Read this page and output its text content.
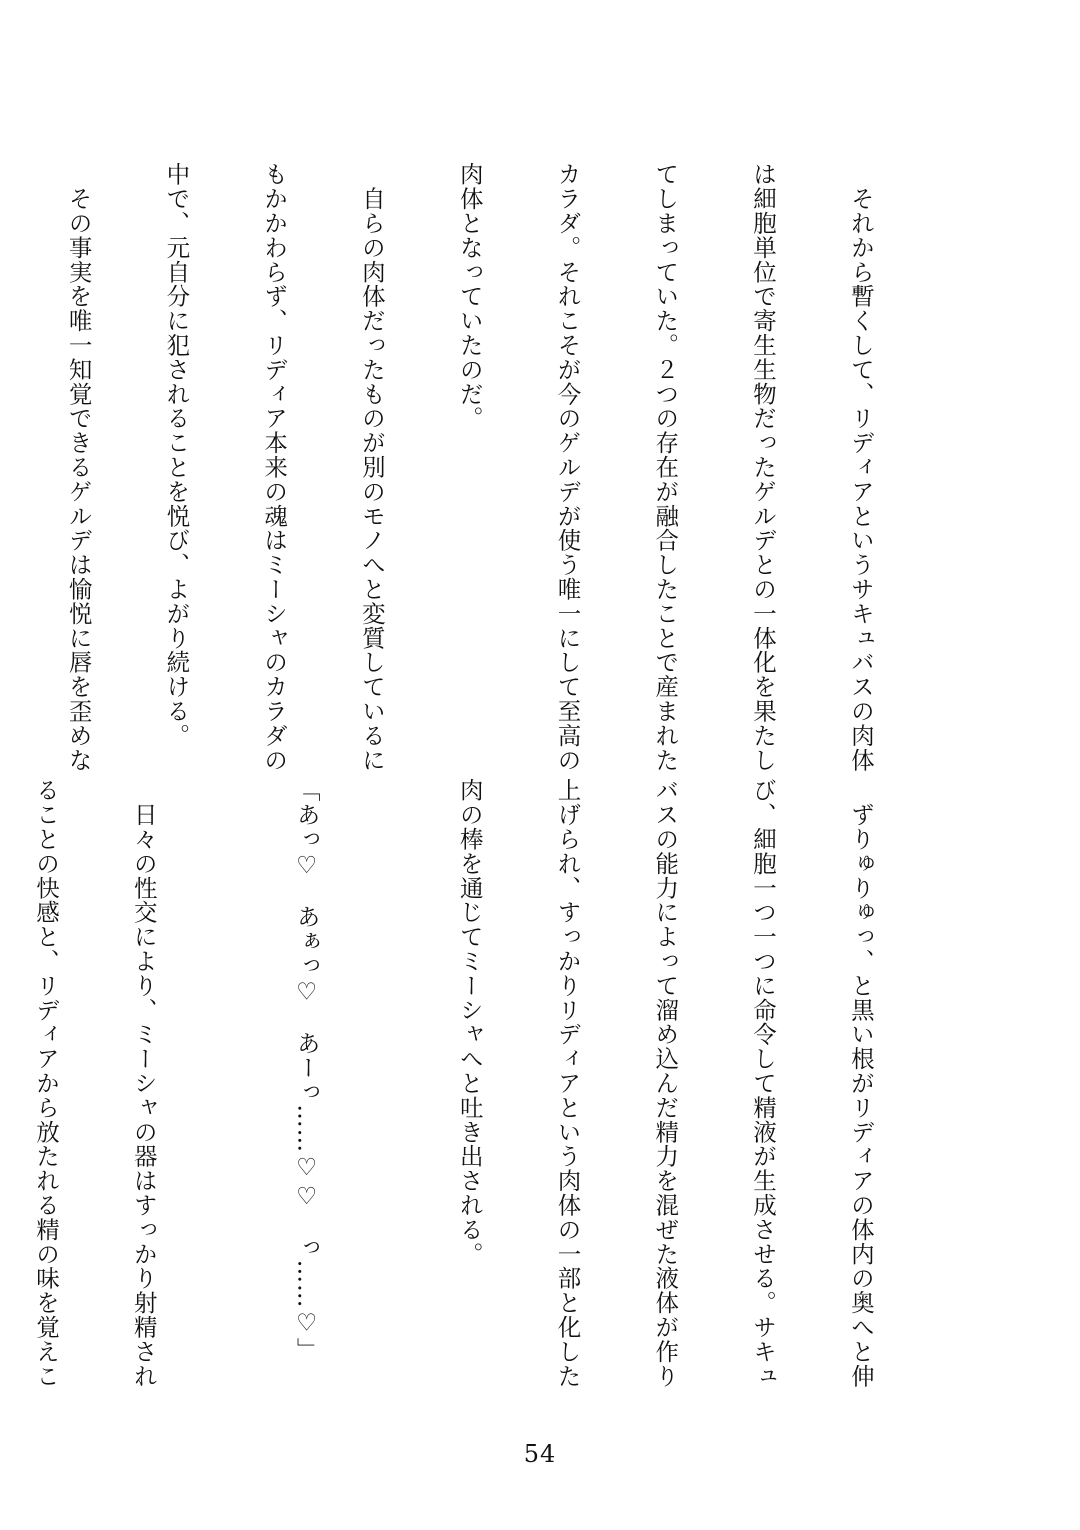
　それから暫くして、リディアというサキュバスの肉体

は細胞単位で寄生生物だったゲルデとの一体化を果たし

てしまっていた。２つの存在が融合したことで産まれた

カラダ。それこそが今のゲルデが使う唯一にして至高の

肉体となっていたのだ。

　自らの肉体だったものが別のモノへと変質しているに

もかかわらず、リディア本来の魂はミーシャのカラダの

中で、元自分に犯されることを悦び、よがり続ける。

　その事実を唯一知覚できるゲルデは愉悦に唇を歪めな

　ずりゅりゅっ、と黒い根がリディアの体内の奥へと伸

び、細胞一つ一つに命令して精液が生成させる。サキュ

バスの能力によって溜め込んだ精力を混ぜた液体が作り

上げられ、すっかりリディアという肉体の一部と化した

肉の棒を通じてミーシャへと吐き出される。

「あっ♡　あぁっ♡　あーっ……♡♡　っ……♡」

　日々の性交により、ミーシャの器はすっかり射精され

ることの快感と、リディアから放たれる精の味を覚えこ

54
